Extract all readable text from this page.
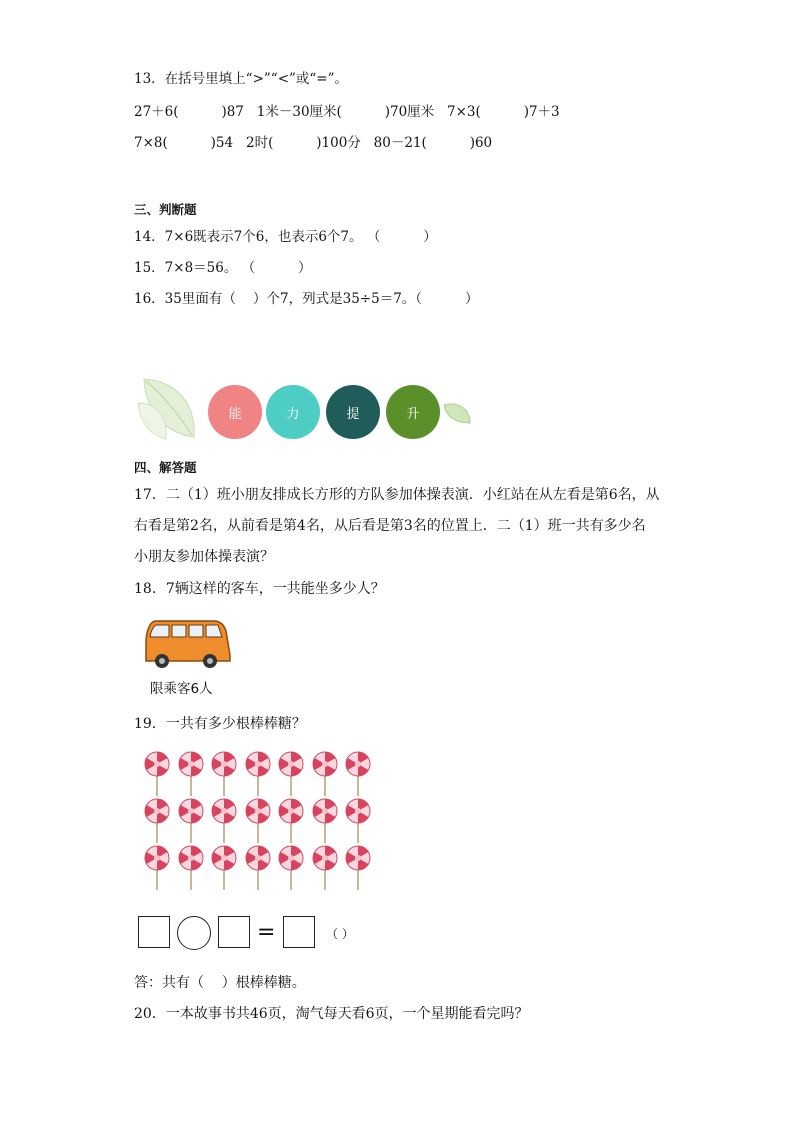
13．在括号里填上“>”“<”或“=”。
27＋6(          )87   1米－30厘米(          )70厘米   7×3(          )7＋3
7×8(          )54   2时(          )100分   80－21(          )60
三、判断题
14．7×6既表示7个6，也表示6个7。 （          ）
15．7×8＝56。 （          ）
16．35里面有（    ）个7，列式是35÷5＝7。（          ）
能	力	提	升
四、解答题
17．二（1）班小朋友排成长方形的方队参加体操表演．小红站在从左看是第6名，从
右看是第2名，从前看是第4名，从后看是第3名的位置上．二（1）班一共有多少名
小朋友参加体操表演？
18．7辆这样的客车，一共能坐多少人？
限乘客6人
19．一共有多少根棒棒糖？
=	（ ）
答：共有（    ）根棒棒糖。
20．一本故事书共46页，淘气每天看6页，一个星期能看完吗？
